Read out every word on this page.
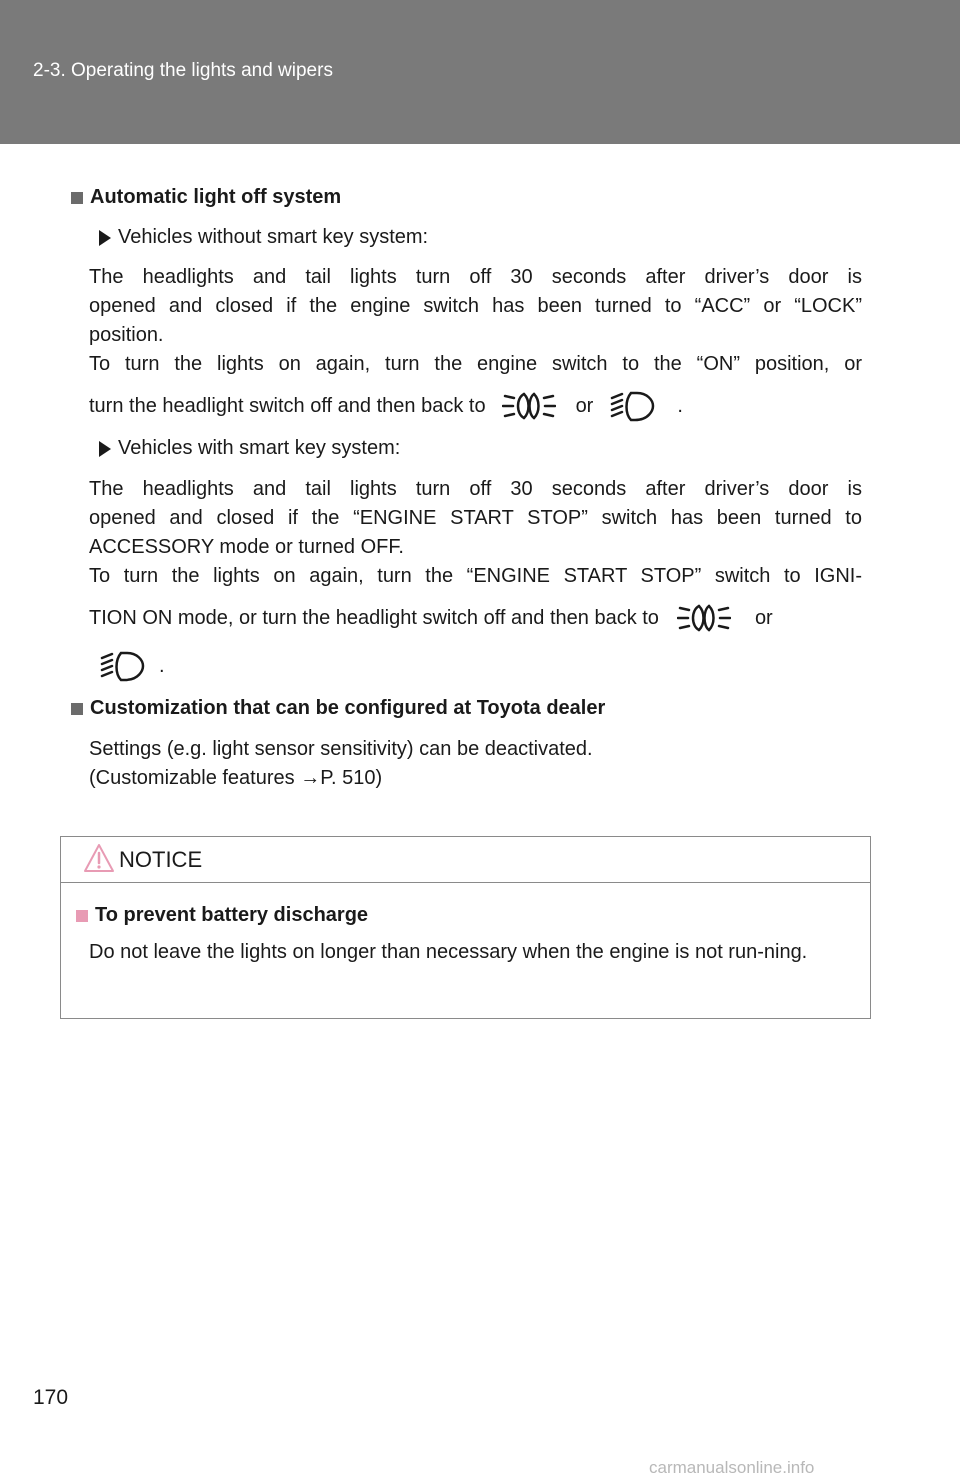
2-3. Operating the lights and wipers
Automatic light off system
Vehicles without smart key system:
The headlights and tail lights turn off 30 seconds after driver’s door is
opened and closed if the engine switch has been turned to “ACC” or “LOCK”
position.
To turn the lights on again, turn the engine switch to the “ON” position, or
turn the headlight switch off and then back to	or	.
Vehicles with smart key system:
The headlights and tail lights turn off 30 seconds after driver’s door is
opened and closed if the “ENGINE START STOP” switch has been turned to
ACCESSORY mode or turned OFF.
To turn the lights on again, turn the “ENGINE START STOP” switch to IGNI-
TION ON mode, or turn the headlight switch off and then back to	or
.
Customization that can be configured at Toyota dealer
Settings (e.g. light sensor sensitivity) can be deactivated.
(Customizable features →P. 510)
NOTICE
To prevent battery discharge
Do not leave the lights on longer than necessary when the engine is not run-ning.
170
carmanualsonline.info
